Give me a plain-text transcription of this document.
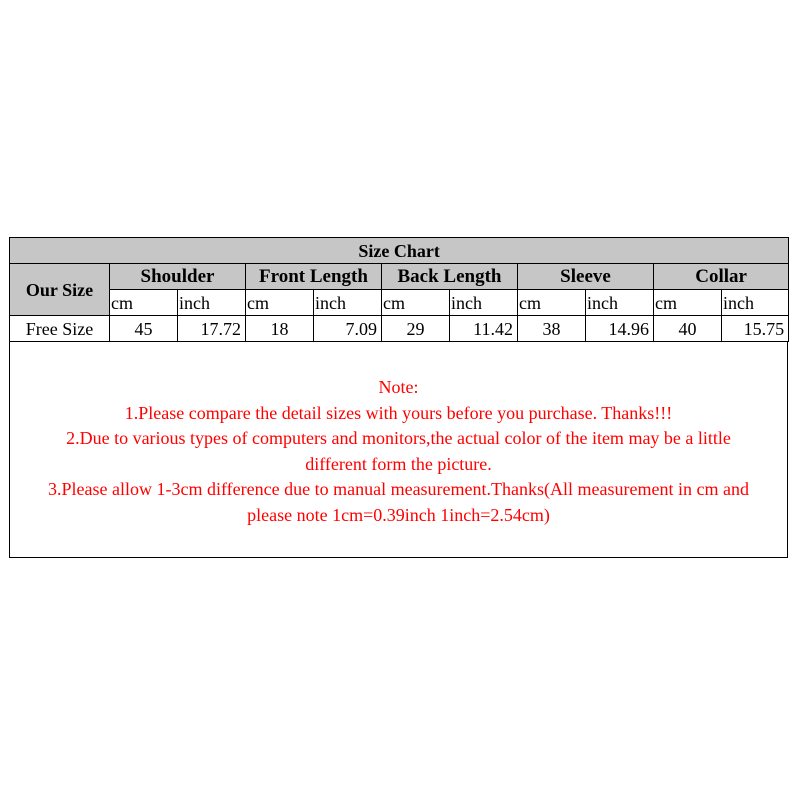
Size Chart										
Our Size	Shoulder		Front Length		Back Length		Sleeve		Collar	
	cm	inch	cm	inch	cm	inch	cm	inch	cm	inch
Free Size	45	17.72	18	7.09	29	11.42	38	14.96	40	15.75
Note:
1.Please compare the detail sizes with yours before you purchase. Thanks!!!
2.Due to various types of computers and monitors,the actual color of the item may be a little
different form the picture.
3.Please allow 1-3cm difference due to manual measurement.Thanks(All measurement in cm and
please note 1cm=0.39inch 1inch=2.54cm)
